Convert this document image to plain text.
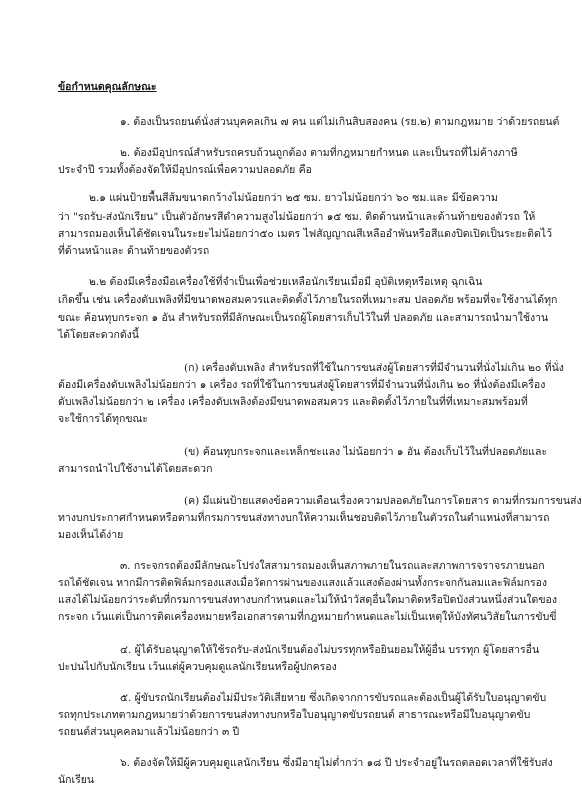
ข้อกำหนดคุณลักษณะ
๑. ต้องเป็นรถยนต์นั่งส่วนบุคคลเกิน ๗ คน แต่ไม่เกินสิบสองคน (รย.๒) ตามกฎหมาย ว่าด้วยรถยนต์
๒. ต้องมีอุปกรณ์สำหรับรถครบถ้วนถูกต้อง ตามที่กฎหมายกำหนด และเป็นรถที่ไม่ค้างภาษี
ประจำปี รวมทั้งต้องจัดให้มีอุปกรณ์เพื่อความปลอดภัย คือ
๒.๑ แผ่นป้ายพื้นสีส้มขนาดกว้างไม่น้อยกว่า ๒๕ ซม. ยาวไม่น้อยกว่า ๖๐ ซม.และ มีข้อความ
ว่า "รถรับ-ส่งนักเรียน" เป็นตัวอักษรสีดำความสูงไม่น้อยกว่า ๑๕ ซม. ติดด้านหน้าและด้านท้ายของตัวรถ ให้
สามารถมองเห็นได้ชัดเจนในระยะไม่น้อยกว่า๕๐ เมตร ไฟสัญญาณสีเหลืออำพันหรือสีแดงปิดเปิดเป็นระยะติดไว้
ที่ด้านหน้าและ ด้านท้ายของตัวรถ
๒.๒ ต้องมีเครื่องมือเครื่องใช้ที่จำเป็นเพื่อช่วยเหลือนักเรียนเมื่อมี อุบัติเหตุหรือเหตุ ฉุกเฉิน
เกิดขึ้น เช่น เครื่องดับเพลิงที่มีขนาดพอสมควรและติดตั้งไว้ภายในรถที่เหมาะสม ปลอดภัย พร้อมที่จะใช้งานได้ทุก
ขณะ ค้อนทุบกระจก ๑ อัน สำหรับรถที่มีลักษณะเป็นรถผู้โดยสารเก็บไว้ในที่ ปลอดภัย และสามารถนำมาใช้งาน
ได้โดยสะดวกดังนี้
(ก) เครื่องดับเพลิง สำหรับรถที่ใช้ในการขนส่งผู้โดยสารที่มีจำนวนที่นั่งไม่เกิน ๒๐ ที่นั่ง
ต้องมีเครื่องดับเพลิงไม่น้อยกว่า ๑ เครื่อง รถที่ใช้ในการขนส่งผู้โดยสารที่มีจำนวนที่นั่งเกิน ๒๐ ที่นั่งต้องมีเครื่อง
ดับเพลิงไม่น้อยกว่า ๒ เครื่อง เครื่องดับเพลิงต้องมีขนาดพอสมควร และติดตั้งไว้ภายในที่ที่เหมาะสมพร้อมที่
จะใช้การได้ทุกขณะ
(ข) ค้อนทุบกระจกและเหล็กชะแลง ไม่น้อยกว่า ๑ อัน ต้องเก็บไว้ในที่ปลอดภัยและ
สามารถนำไปใช้งานได้โดยสะดวก
(ค) มีแผ่นป้ายแสดงข้อความเตือนเรื่องความปลอดภัยในการโดยสาร ตามที่กรมการขนส่ง
ทางบกประกาศกำหนดหรือตามที่กรมการขนส่งทางบกให้ความเห็นชอบติดไว้ภายในตัวรถในตำแหน่งที่สามารถ
มองเห็นได้ง่าย
๓. กระจกรถต้องมีลักษณะโปร่งใสสามารถมองเห็นสภาพภายในรถและสภาพการจราจรภายนอก
รถได้ชัดเจน หากมีการติดฟิล์มกรองแสงเมื่อวัดการผ่านของแสงแล้วแสงต้องผ่านทั้งกระจกกันลมและฟิล์มกรอง
แสงได้ไม่น้อยกว่าระดับที่กรมการขนส่งทางบกกำหนดและไม่ให้นำวัสดุอื่นใดมาติดหรือปิดบังส่วนหนึ่งส่วนใดของ
กระจก เว้นแต่เป็นการติดเครื่องหมายหรือเอกสารตามที่กฎหมายกำหนดและไม่เป็นเหตุให้บังทัศนวิสัยในการขับขี่
๔. ผู้ได้รับอนุญาตให้ใช้รถรับ-ส่งนักเรียนต้องไม่บรรทุกหรือยินยอมให้ผู้อื่น บรรทุก ผู้โดยสารอื่น
ปะปนไปกับนักเรียน เว้นแต่ผู้ควบคุมดูแลนักเรียนหรือผู้ปกครอง
๕. ผู้ขับรถนักเรียนต้องไม่มีประวัติเสียหาย ซึ่งเกิดจากการขับรถและต้องเป็นผู้ได้รับใบอนุญาตขับ
รถทุกประเภทตามกฎหมายว่าด้วยการขนส่งทางบกหรือใบอนุญาตขับรถยนต์ สาธารณะหรือมีใบอนุญาตขับ
รถยนต์ส่วนบุคคลมาแล้วไม่น้อยกว่า ๓ ปี
๖. ต้องจัดให้มีผู้ควบคุมดูแลนักเรียน ซึ่งมีอายุไม่ต่ำกว่า ๑๘ ปี ประจำอยู่ในรถตลอดเวลาที่ใช้รับส่ง
นักเรียน
